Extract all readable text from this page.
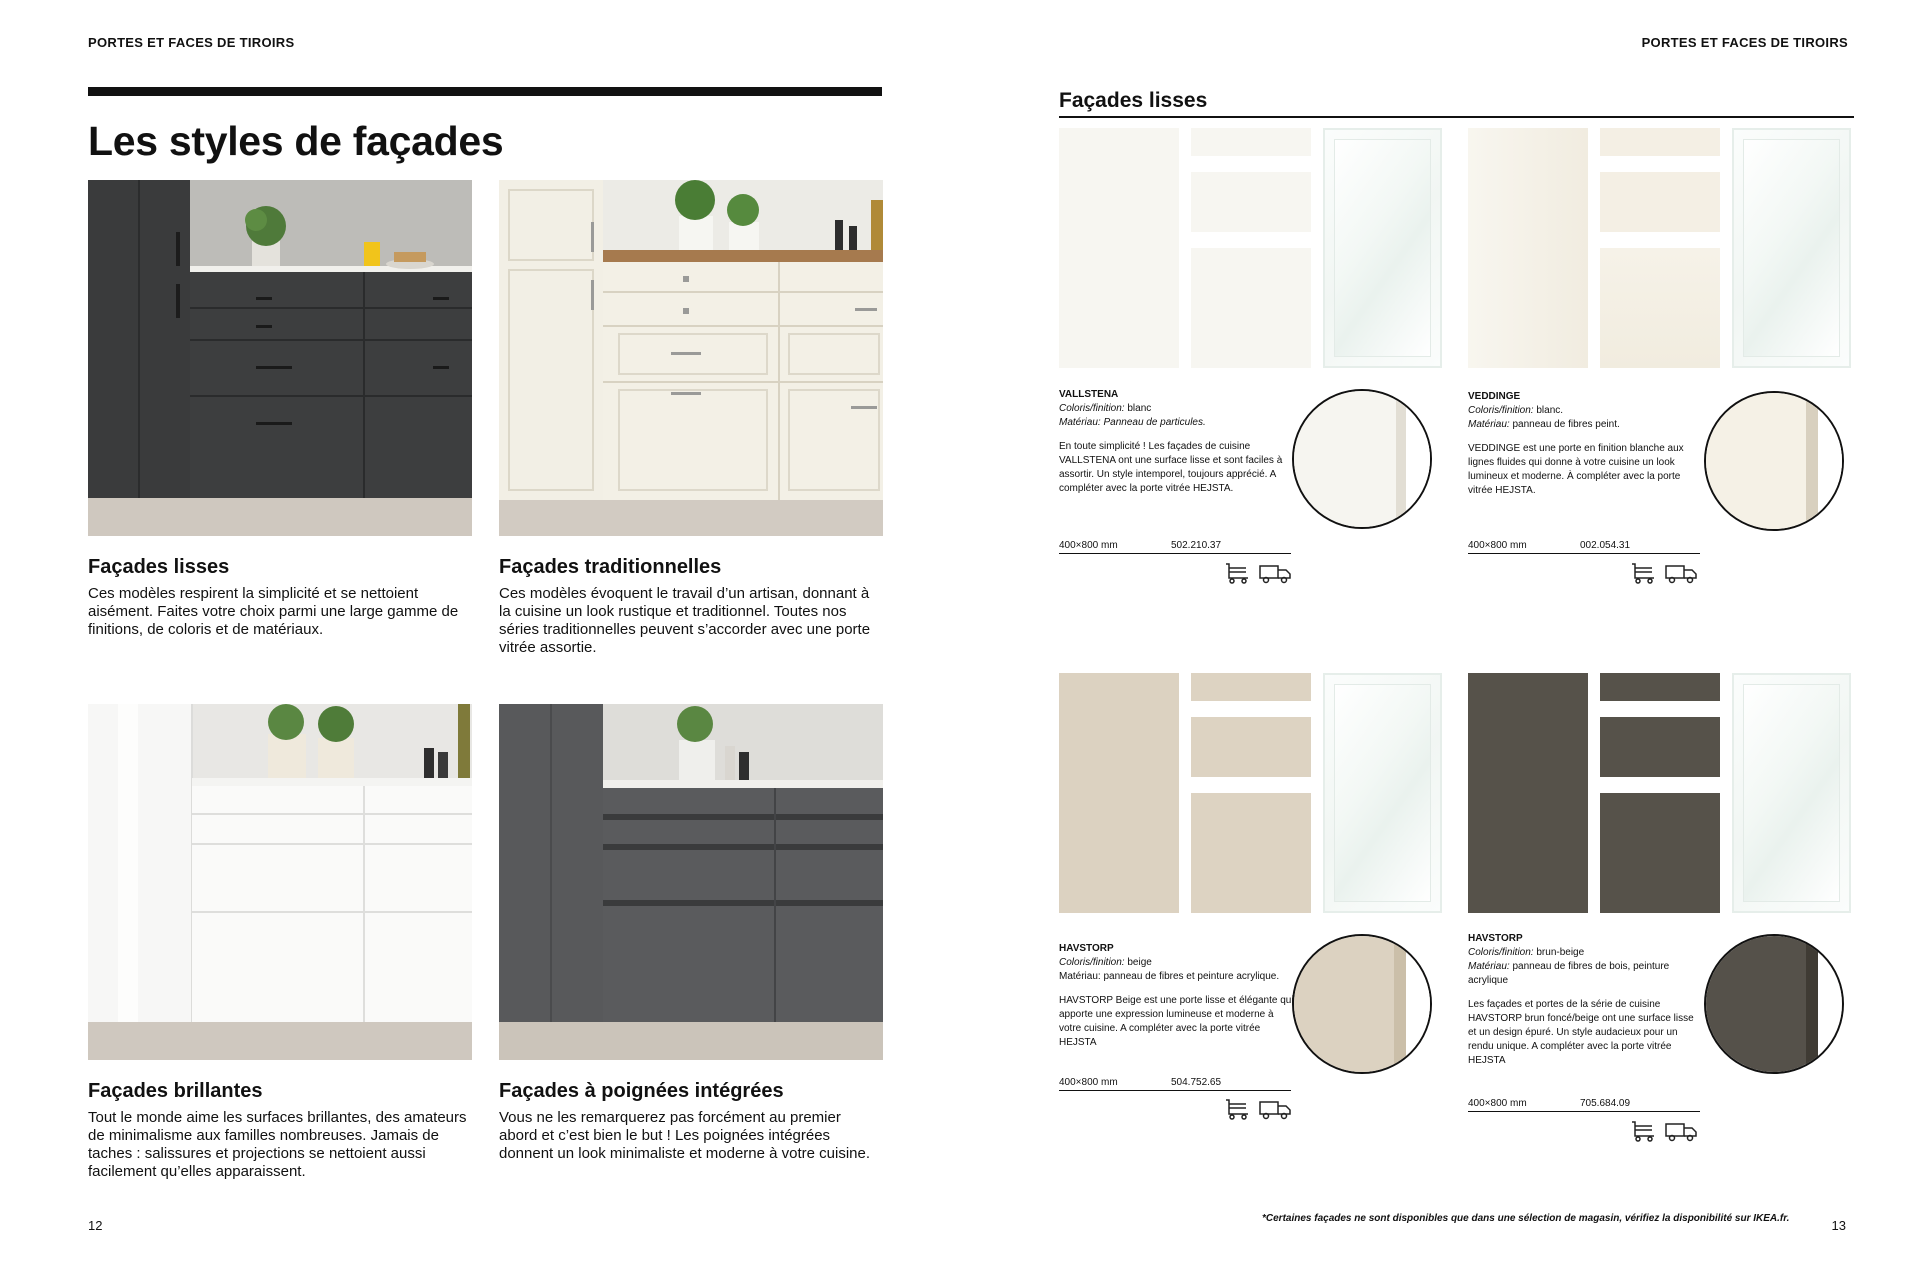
PORTES ET FACES DE TIROIRS
Les styles de façades
Façades lisses

Ces modèles respirent la simplicité et se nettoient aisément. Faites votre choix parmi une large gamme de finitions, de coloris et de matériaux.

Façades traditionnelles

Ces modèles évoquent le travail d’un artisan, donnant à la cuisine un look rustique et traditionnel. Toutes nos séries traditionnelles peuvent s’accorder avec une porte vitrée assortie.

Façades brillantes

Tout le monde aime les surfaces brillantes, des amateurs de minimalisme aux familles nombreuses. Jamais de taches : salissures et projections se nettoient aussi facilement qu’elles apparaissent.

Façades à poignées intégrées

Vous ne les remarquerez pas forcément au premier abord et c’est bien le but ! Les poignées intégrées donnent un look minimaliste et moderne à votre cuisine.

12
PORTES ET FACES DE TIROIRS
Façades lisses
VALLSTENA
Coloris/finition: blanc
Matériau: Panneau de particules.
En toute simplicité ! Les façades de cuisine VALLSTENA ont une surface lisse et sont faciles à assortir. Un style intemporel, toujours apprécié. A compléter avec la porte vitrée HEJSTA.
400×800 mm	502.210.37
VEDDINGE
Coloris/finition: blanc.
Matériau: panneau de fibres peint.
VEDDINGE est une porte en finition blanche aux lignes fluides qui donne à votre cuisine un look lumineux et moderne. À compléter avec la porte vitrée HEJSTA.
400×800 mm	002.054.31
HAVSTORP
Coloris/finition: beige
Matériau: panneau de fibres et peinture acrylique.
HAVSTORP Beige est une porte lisse et élégante qui apporte une expression lumineuse et moderne à votre cuisine. A compléter avec la porte vitrée HEJSTA
400×800 mm	504.752.65
HAVSTORP
Coloris/finition: brun-beige
Matériau: panneau de fibres de bois, peinture acrylique
Les façades et portes de la série de cuisine HAVSTORP brun foncé/beige ont une surface lisse et un design épuré. Un style audacieux pour un rendu unique. A compléter avec la porte vitrée HEJSTA
400×800 mm	705.684.09
*Certaines façades ne sont disponibles que dans une sélection de magasin, vérifiez la disponibilité sur IKEA.fr.	13
